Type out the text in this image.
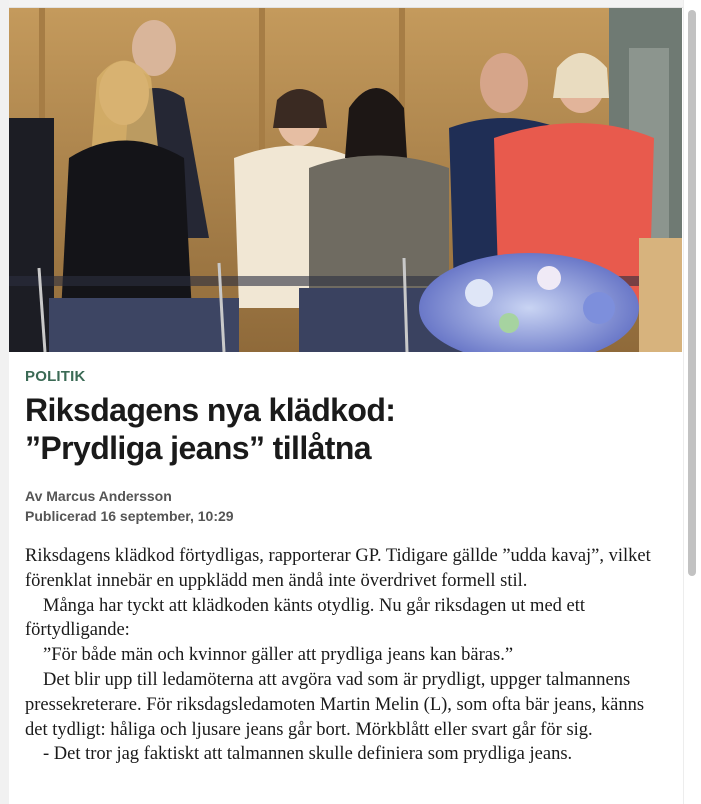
POLITIK
Riksdagens nya klädkod:
”Prydliga jeans” tillåtna
Av Marcus Andersson
Publicerad 16 september, 10:29

Riksdagens klädkod förtydligas, rapporterar GP. Tidigare gällde ”udda kavaj”, vilket förenklat innebär en uppklädd men ändå inte överdrivet formell stil.

Många har tyckt att klädkoden känts otydlig. Nu går riksdagen ut med ett förtydligande:

”För både män och kvinnor gäller att prydliga jeans kan bäras.”

Det blir upp till ledamöterna att avgöra vad som är prydligt, uppger talmannens pressekreterare. För riksdagsledamoten Martin Melin (L), som ofta bär jeans, känns det tydligt: håliga och ljusare jeans går bort. Mörkblått eller svart går för sig.

- Det tror jag faktiskt att talmannen skulle definiera som prydliga jeans.
